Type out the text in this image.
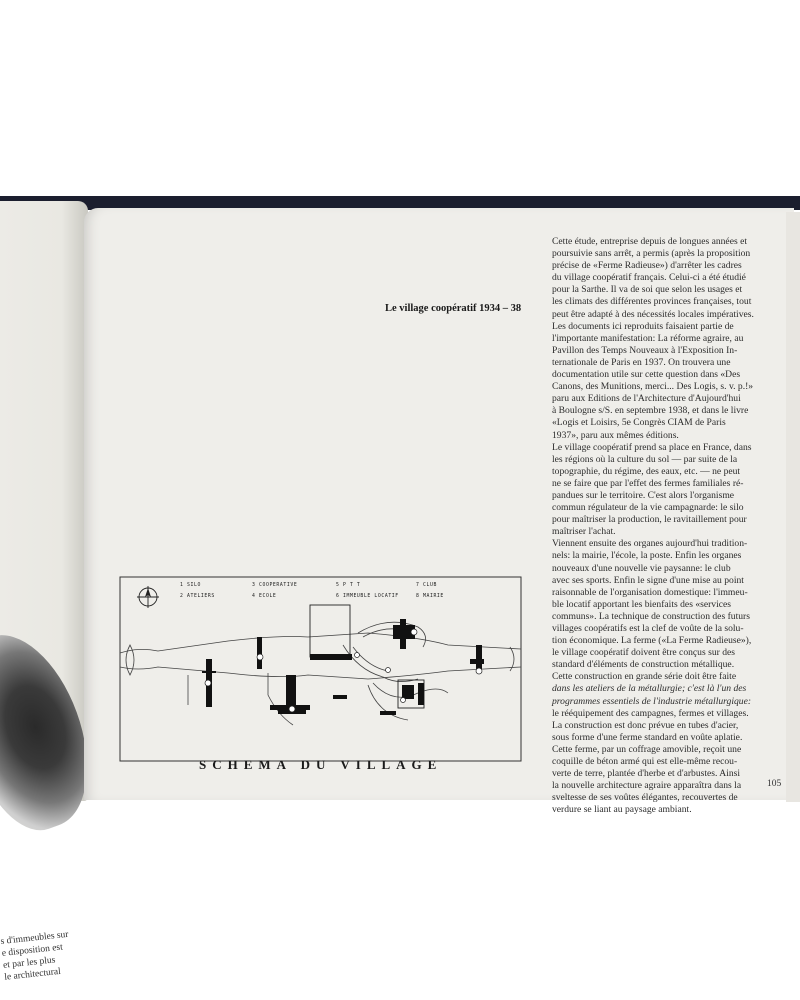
s d'immeubles sur
e disposition est
et par les plus
le architectural
Le village coopératif 1934 – 38
Cette étude, entreprise depuis de longues années et
poursuivie sans arrêt, a permis (après la proposition
précise de «Ferme Radieuse») d'arrêter les cadres
du village coopératif français. Celui-ci a été étudié
pour la Sarthe. Il va de soi que selon les usages et
les climats des différentes provinces françaises, tout
peut être adapté à des nécessités locales impératives.
Les documents ici reproduits faisaient partie de
l'importante manifestation: La réforme agraire, au
Pavillon des Temps Nouveaux à l'Exposition In-
ternationale de Paris en 1937. On trouvera une
documentation utile sur cette question dans «Des
Canons, des Munitions, merci... Des Logis, s. v. p.!»
paru aux Editions de l'Architecture d'Aujourd'hui
à Boulogne s/S. en septembre 1938, et dans le livre
«Logis et Loisirs, 5e Congrès CIAM de Paris
1937», paru aux mêmes éditions.
Le village coopératif prend sa place en France, dans
les régions où la culture du sol — par suite de la
topographie, du régime, des eaux, etc. — ne peut
ne se faire que par l'effet des fermes familiales ré-
pandues sur le territoire. C'est alors l'organisme
commun régulateur de la vie campagnarde: le silo
pour maîtriser la production, le ravitaillement pour
maîtriser l'achat.
Viennent ensuite des organes aujourd'hui tradition-
nels: la mairie, l'école, la poste. Enfin les organes
nouveaux d'une nouvelle vie paysanne: le club
avec ses sports. Enfin le signe d'une mise au point
raisonnable de l'organisation domestique: l'immeu-
ble locatif apportant les bienfaits des «services
communs». La technique de construction des futurs
villages coopératifs est la clef de voûte de la solu-
tion économique. La ferme («La Ferme Radieuse»),
le village coopératif doivent être conçus sur des
standard d'éléments de construction métallique.
Cette construction en grande série doit être faite
dans les ateliers de la métallurgie; c'est là l'un des
programmes essentiels de l'industrie métallurgique:
le rééquipement des campagnes, fermes et villages.
La construction est donc prévue en tubes d'acier,
sous forme d'une ferme standard en voûte aplatie.
Cette ferme, par un coffrage amovible, reçoit une
coquille de béton armé qui est elle-même recou-
verte de terre, plantée d'herbe et d'arbustes. Ainsi
la nouvelle architecture agraire apparaîtra dans la
sveltesse de ses voûtes élégantes, recouvertes de
verdure se liant au paysage ambiant.
105
1 SILO
2 ATELIERS
3 COOPERATIVE
4 ECOLE
5 P T T
6 IMMEUBLE LOCATIF
7 CLUB
8 MAIRIE
SCHEMA DU VILLAGE
